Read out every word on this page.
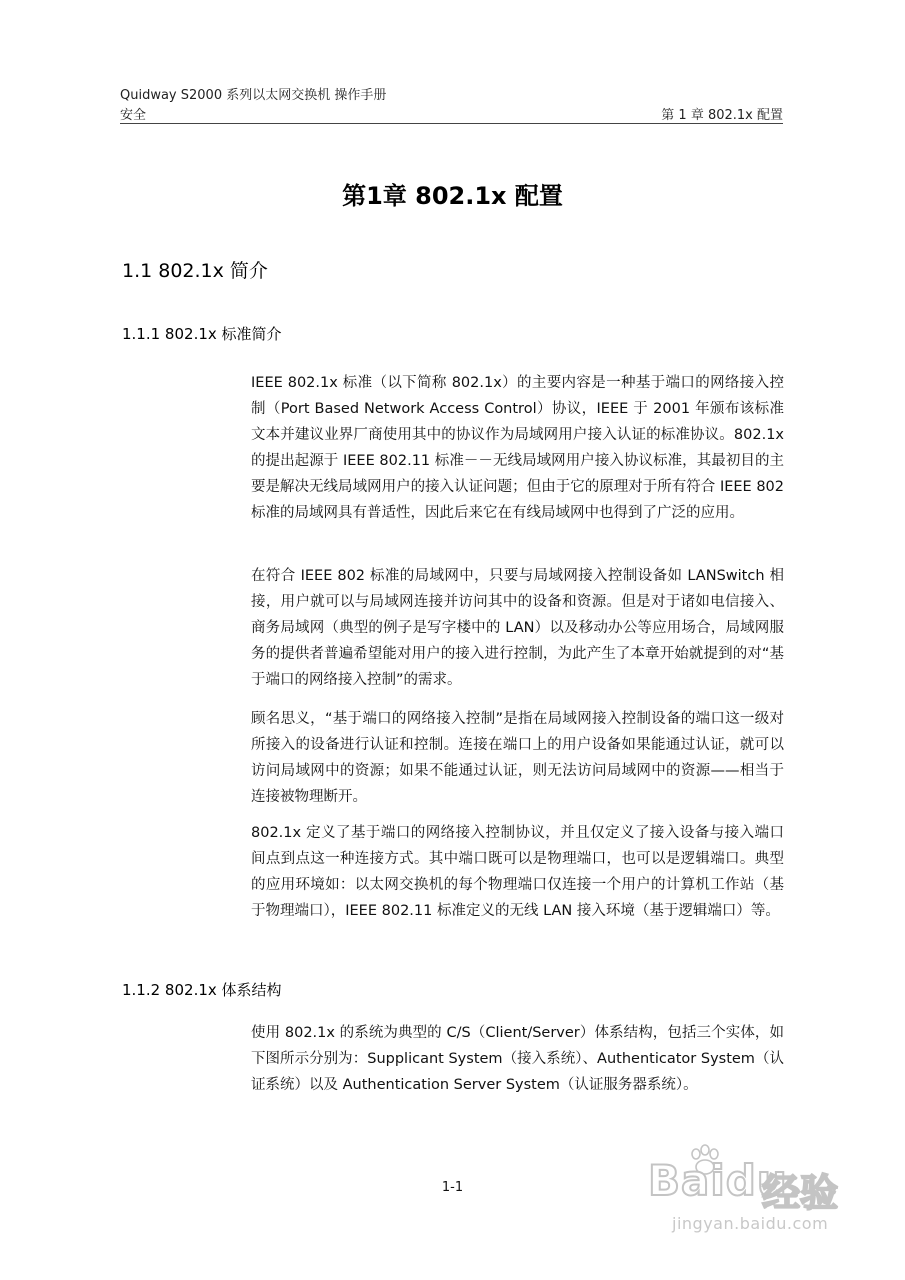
Quidway S2000 系列以太网交换机 操作手册
安全	第 1 章 802.1x 配置
第1章 802.1x 配置
1.1 802.1x 简介
1.1.1 802.1x 标准简介

IEEE 802.1x 标准（以下简称 802.1x）的主要内容是一种基于端口的网络接入控制（Port Based Network Access Control）协议，IEEE 于 2001 年颁布该标准文本并建议业界厂商使用其中的协议作为局域网用户接入认证的标准协议。802.1x 的提出起源于 IEEE 802.11 标准－－无线局域网用户接入协议标准，其最初目的主要是解决无线局域网用户的接入认证问题；但由于它的原理对于所有符合 IEEE 802 标准的局域网具有普适性，因此后来它在有线局域网中也得到了广泛的应用。

在符合 IEEE 802 标准的局域网中，只要与局域网接入控制设备如 LANSwitch 相接，用户就可以与局域网连接并访问其中的设备和资源。但是对于诸如电信接入、商务局域网（典型的例子是写字楼中的 LAN）以及移动办公等应用场合，局域网服务的提供者普遍希望能对用户的接入进行控制，为此产生了本章开始就提到的对“基于端口的网络接入控制”的需求。

顾名思义，“基于端口的网络接入控制”是指在局域网接入控制设备的端口这一级对所接入的设备进行认证和控制。连接在端口上的用户设备如果能通过认证，就可以访问局域网中的资源；如果不能通过认证，则无法访问局域网中的资源——相当于连接被物理断开。

802.1x 定义了基于端口的网络接入控制协议，并且仅定义了接入设备与接入端口间点到点这一种连接方式。其中端口既可以是物理端口，也可以是逻辑端口。典型的应用环境如：以太网交换机的每个物理端口仅连接一个用户的计算机工作站（基于物理端口），IEEE 802.11 标准定义的无线 LAN 接入环境（基于逻辑端口）等。

1.1.2 802.1x 体系结构

使用 802.1x 的系统为典型的 C/S（Client/Server）体系结构，包括三个实体，如下图所示分别为：Supplicant System（接入系统）、Authenticator System（认证系统）以及 Authentication Server System（认证服务器系统）。

1-1	Baidu
经验
jingyan.baidu.com
